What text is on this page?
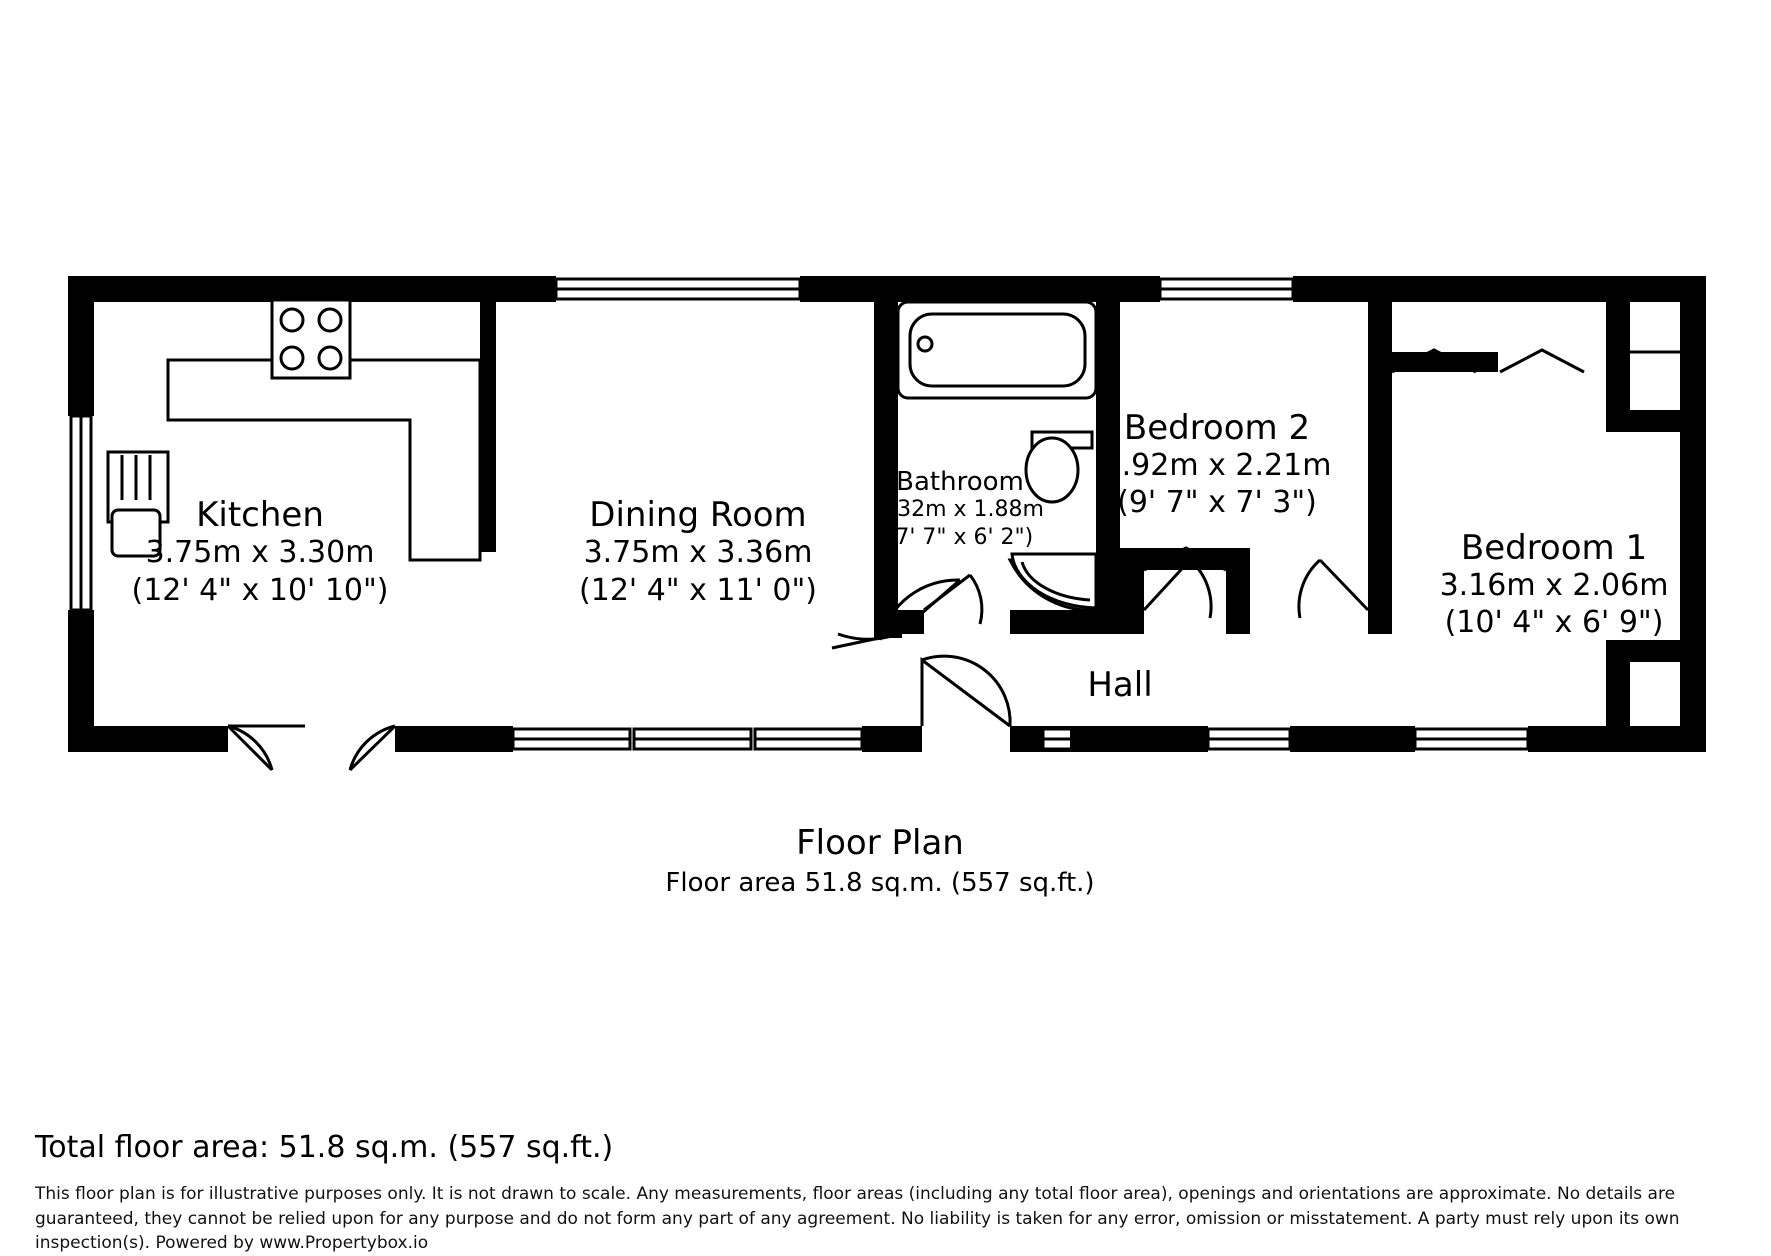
Kitchen
3.75m x 3.30m
(12' 4" x 10' 10")
Dining Room
3.75m x 3.36m
(12' 4" x 11' 0")
Bathroom
2.32m x 1.88m
(7' 7" x 6' 2")
Bedroom 2
2.92m x 2.21m
(9' 7" x 7' 3")
Bedroom 1
3.16m x 2.06m
(10' 4" x 6' 9")
Hall
Floor Plan
Floor area 51.8 sq.m. (557 sq.ft.)
Total floor area: 51.8 sq.m. (557 sq.ft.)
This floor plan is for illustrative purposes only. It is not drawn to scale. Any measurements, floor areas (including any total floor area), openings and orientations are approximate. No details are guaranteed, they cannot be relied upon for any purpose and do not form any part of any agreement. No liability is taken for any error, omission or misstatement. A party must rely upon its own inspection(s). Powered by www.Propertybox.io
